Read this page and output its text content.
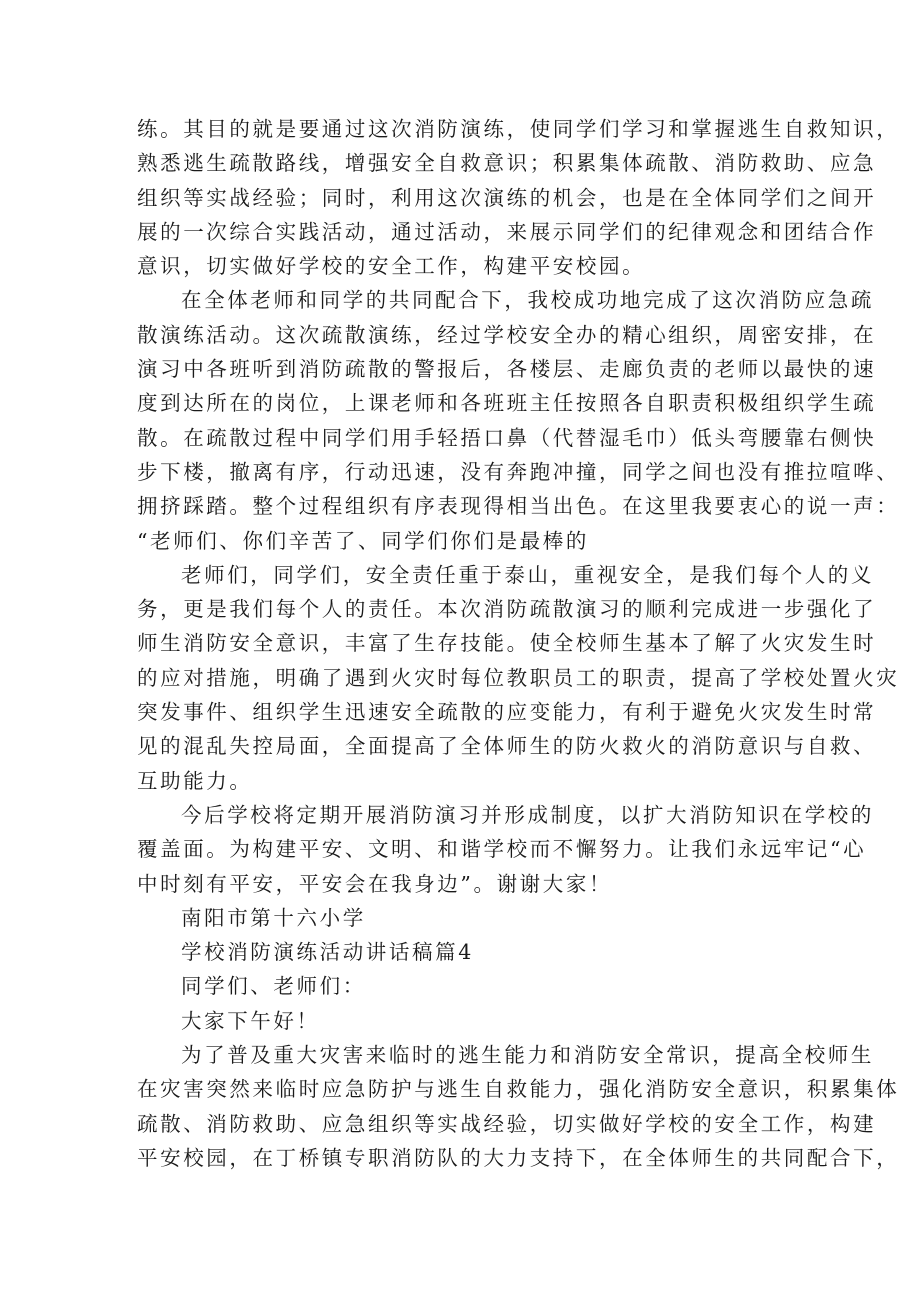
练。其目的就是要通过这次消防演练，使同学们学习和掌握逃生自救知识，
熟悉逃生疏散路线，增强安全自救意识；积累集体疏散、消防救助、应急
组织等实战经验；同时，利用这次演练的机会，也是在全体同学们之间开
展的一次综合实践活动，通过活动，来展示同学们的纪律观念和团结合作
意识，切实做好学校的安全工作，构建平安校园。
在全体老师和同学的共同配合下，我校成功地完成了这次消防应急疏
散演练活动。这次疏散演练，经过学校安全办的精心组织，周密安排，在
演习中各班听到消防疏散的警报后，各楼层、走廊负责的老师以最快的速
度到达所在的岗位，上课老师和各班班主任按照各自职责积极组织学生疏
散。在疏散过程中同学们用手轻捂口鼻（代替湿毛巾）低头弯腰靠右侧快
步下楼，撤离有序，行动迅速，没有奔跑冲撞，同学之间也没有推拉喧哗、
拥挤踩踏。整个过程组织有序表现得相当出色。在这里我要衷心的说一声：
“老师们、你们辛苦了、同学们你们是最棒的
老师们，同学们，安全责任重于泰山，重视安全，是我们每个人的义
务，更是我们每个人的责任。本次消防疏散演习的顺利完成进一步强化了
师生消防安全意识，丰富了生存技能。使全校师生基本了解了火灾发生时
的应对措施，明确了遇到火灾时每位教职员工的职责，提高了学校处置火灾
突发事件、组织学生迅速安全疏散的应变能力，有利于避免火灾发生时常
见的混乱失控局面，全面提高了全体师生的防火救火的消防意识与自救、
互助能力。
今后学校将定期开展消防演习并形成制度，以扩大消防知识在学校的
覆盖面。为构建平安、文明、和谐学校而不懈努力。让我们永远牢记“心
中时刻有平安，平安会在我身边”。谢谢大家！
南阳市第十六小学
学校消防演练活动讲话稿篇4
同学们、老师们：
大家下午好！
为了普及重大灾害来临时的逃生能力和消防安全常识，提高全校师生
在灾害突然来临时应急防护与逃生自救能力，强化消防安全意识，积累集体
疏散、消防救助、应急组织等实战经验，切实做好学校的安全工作，构建
平安校园，在丁桥镇专职消防队的大力支持下，在全体师生的共同配合下，
